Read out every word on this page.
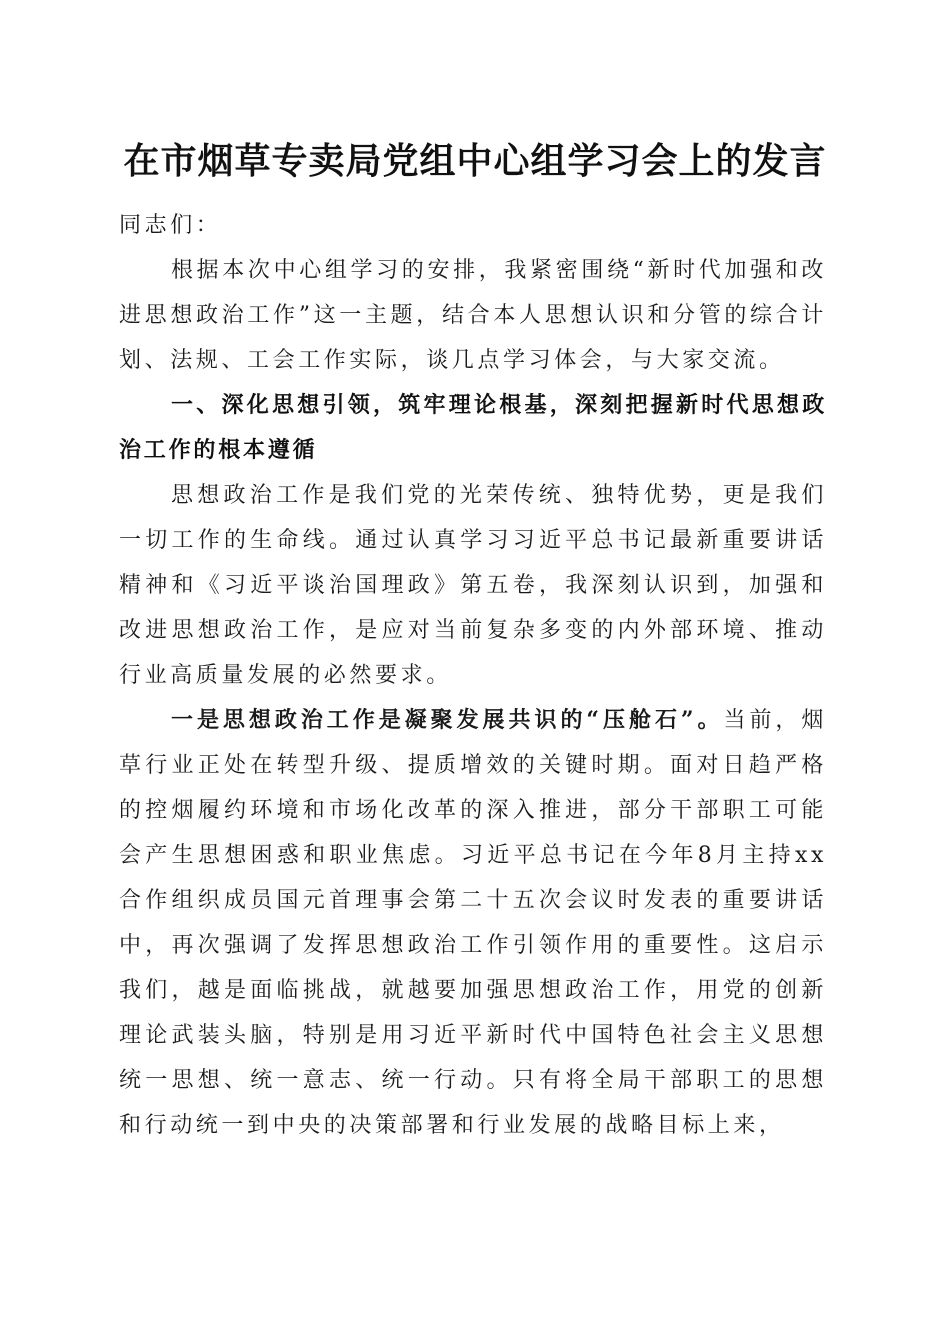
在市烟草专卖局党组中心组学习会上的发言

同志们：

根据本次中心组学习的安排，我紧密围绕“新时代加强和改进思想政治工作”这一主题，结合本人思想认识和分管的综合计划、法规、工会工作实际，谈几点学习体会，与大家交流。

一、深化思想引领，筑牢理论根基，深刻把握新时代思想政治工作的根本遵循

思想政治工作是我们党的光荣传统、独特优势，更是我们一切工作的生命线。通过认真学习习近平总书记最新重要讲话精神和《习近平谈治国理政》第五卷，我深刻认识到，加强和改进思想政治工作，是应对当前复杂多变的内外部环境、推动行业高质量发展的必然要求。

一是思想政治工作是凝聚发展共识的“压舱石”。当前，烟草行业正处在转型升级、提质增效的关键时期。面对日趋严格的控烟履约环境和市场化改革的深入推进，部分干部职工可能会产生思想困惑和职业焦虑。习近平总书记在今年8月主持xx合作组织成员国元首理事会第二十五次会议时发表的重要讲话中，再次强调了发挥思想政治工作引领作用的重要性。这启示我们，越是面临挑战，就越要加强思想政治工作，用党的创新理论武装头脑，特别是用习近平新时代中国特色社会主义思想统一思想、统一意志、统一行动。只有将全局干部职工的思想和行动统一到中央的决策部署和行业发展的战略目标上来，
